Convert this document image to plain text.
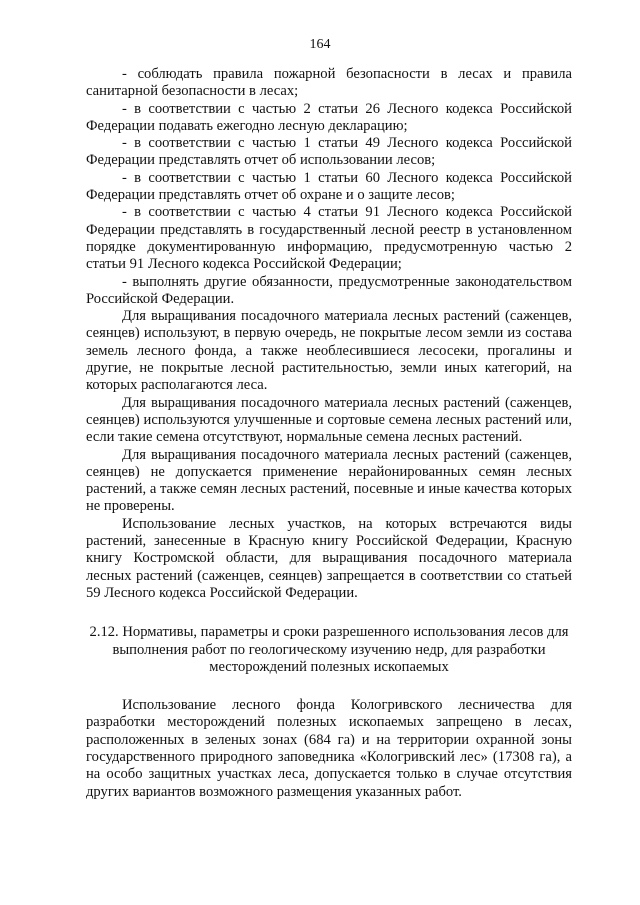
164

- соблюдать правила пожарной безопасности в лесах и правила санитарной безопасности в лесах;

- в соответствии с частью 2 статьи 26 Лесного кодекса Российской Федерации подавать ежегодно лесную декларацию;

- в соответствии с частью 1 статьи 49 Лесного кодекса Российской Федерации представлять отчет об использовании лесов;

- в соответствии с частью 1 статьи 60 Лесного кодекса Российской Федерации представлять отчет об охране и о защите лесов;

- в соответствии с частью 4 статьи 91 Лесного кодекса Российской Федерации представлять в государственный лесной реестр в установленном порядке документированную информацию, предусмотренную частью 2 статьи 91 Лесного кодекса Российской Федерации;

- выполнять другие обязанности, предусмотренные законодательством Российской Федерации.

Для выращивания посадочного материала лесных растений (саженцев, сеянцев) используют, в первую очередь, не покрытые лесом земли из состава земель лесного фонда, а также необлесившиеся лесосеки, прогалины и другие, не покрытые лесной растительностью, земли иных категорий, на которых располагаются леса.

Для выращивания посадочного материала лесных растений (саженцев, сеянцев) используются улучшенные и сортовые семена лесных растений или, если такие семена отсутствуют, нормальные семена лесных растений.

Для выращивания посадочного материала лесных растений (саженцев, сеянцев) не допускается применение нерайонированных семян лесных растений, а также семян лесных растений, посевные и иные качества которых не проверены.

Использование лесных участков, на которых встречаются виды растений, занесенные в Красную книгу Российской Федерации, Красную книгу Костромской области, для выращивания посадочного материала лесных растений (саженцев, сеянцев) запрещается в соответствии со статьей 59 Лесного кодекса Российской Федерации.

2.12. Нормативы, параметры и сроки разрешенного использования лесов для выполнения работ по геологическому изучению недр, для разработки месторождений полезных ископаемых

Использование лесного фонда Кологривского лесничества для разработки месторождений полезных ископаемых запрещено в лесах, расположенных в зеленых зонах (684 га) и на территории охранной зоны государственного природного заповедника «Кологривский лес» (17308 га), а на особо защитных участках леса, допускается только в случае отсутствия других вариантов возможного размещения указанных работ.
